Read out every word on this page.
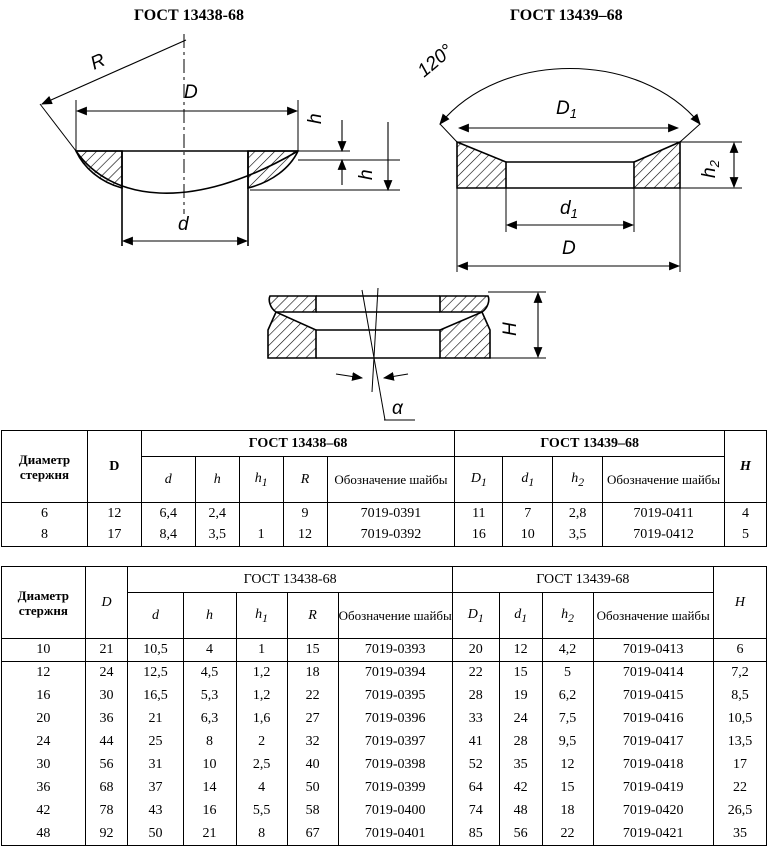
ГОСТ 13438-68	ГОСТ 13439–68
R
D
h
h
d
120°
$D_1$
$h_2$
$d_1$
D
H
α
Диаметр стержня	D	ГОСТ 13438–68					ГОСТ 13439–68				H
		d	h	$h_1$	R	Обозначение шайбы	$D_1$	$d_1$	$h_2$	Обозначение шайбы	
6	12	6,4	2,4		9	7019-0391	11	7	2,8	7019-0411	4
8	17	8,4	3,5	1	12	7019-0392	16	10	3,5	7019-0412	5
Диаметр стержня	D	ГОСТ 13438-68					ГОСТ 13439-68				H
		d	h	$h_1$	R	Обозначение шайбы	$D_1$	$d_1$	$h_2$	Обозначение шайбы	
10	21	10,5	4	1	15	7019-0393	20	12	4,2	7019-0413	6
12	24	12,5	4,5	1,2	18	7019-0394	22	15	5	7019-0414	7,2
16	30	16,5	5,3	1,2	22	7019-0395	28	19	6,2	7019-0415	8,5
20	36	21	6,3	1,6	27	7019-0396	33	24	7,5	7019-0416	10,5
24	44	25	8	2	32	7019-0397	41	28	9,5	7019-0417	13,5
30	56	31	10	2,5	40	7019-0398	52	35	12	7019-0418	17
36	68	37	14	4	50	7019-0399	64	42	15	7019-0419	22
42	78	43	16	5,5	58	7019-0400	74	48	18	7019-0420	26,5
48	92	50	21	8	67	7019-0401	85	56	22	7019-0421	35
